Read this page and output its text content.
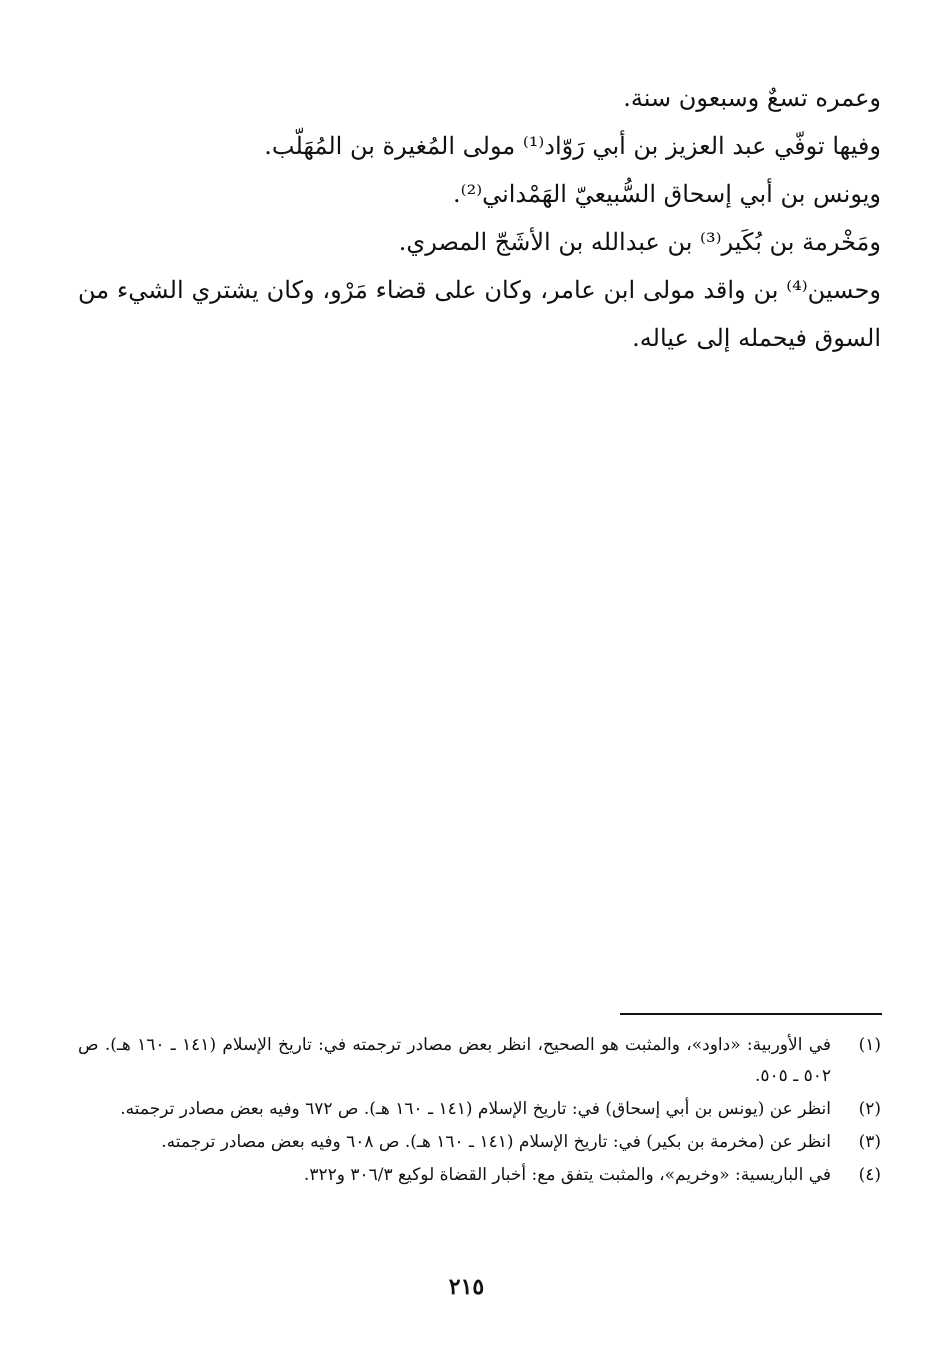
وعمره تسعٌ وسبعون سنة.

وفيها توفّي عبد العزيز بن أبي رَوّاد⁽¹⁾ مولى المُغيرة بن المُهَلّب.

ويونس بن أبي إسحاق السُّبيعيّ الهَمْداني⁽²⁾.

ومَخْرمة بن بُكَير⁽³⁾ بن عبدالله بن الأشَجّ المصري.

وحسين⁽⁴⁾ بن واقد مولى ابن عامر، وكان على قضاء مَرْو، وكان يشتري الشيء من السوق فيحمله إلى عياله.

(١)
في الأوربية: «داود»، والمثبت هو الصحيح، انظر بعض مصادر ترجمته في: تاريخ الإسلام (١٤١ ـ ١٦٠ هـ). ص ٥٠٢ ـ ٥٠٥.
(٢)
انظر عن (يونس بن أبي إسحاق) في: تاريخ الإسلام (١٤١ ـ ١٦٠ هـ). ص ٦٧٢ وفيه بعض مصادر ترجمته.
(٣)
انظر عن (مخرمة بن بكير) في: تاريخ الإسلام (١٤١ ـ ١٦٠ هـ). ص ٦٠٨ وفيه بعض مصادر ترجمته.
(٤)
في الباريسية: «وخريم»، والمثبت يتفق مع: أخبار القضاة لوكيع ٣٠٦/٣ و٣٢٢.
٢١٥
